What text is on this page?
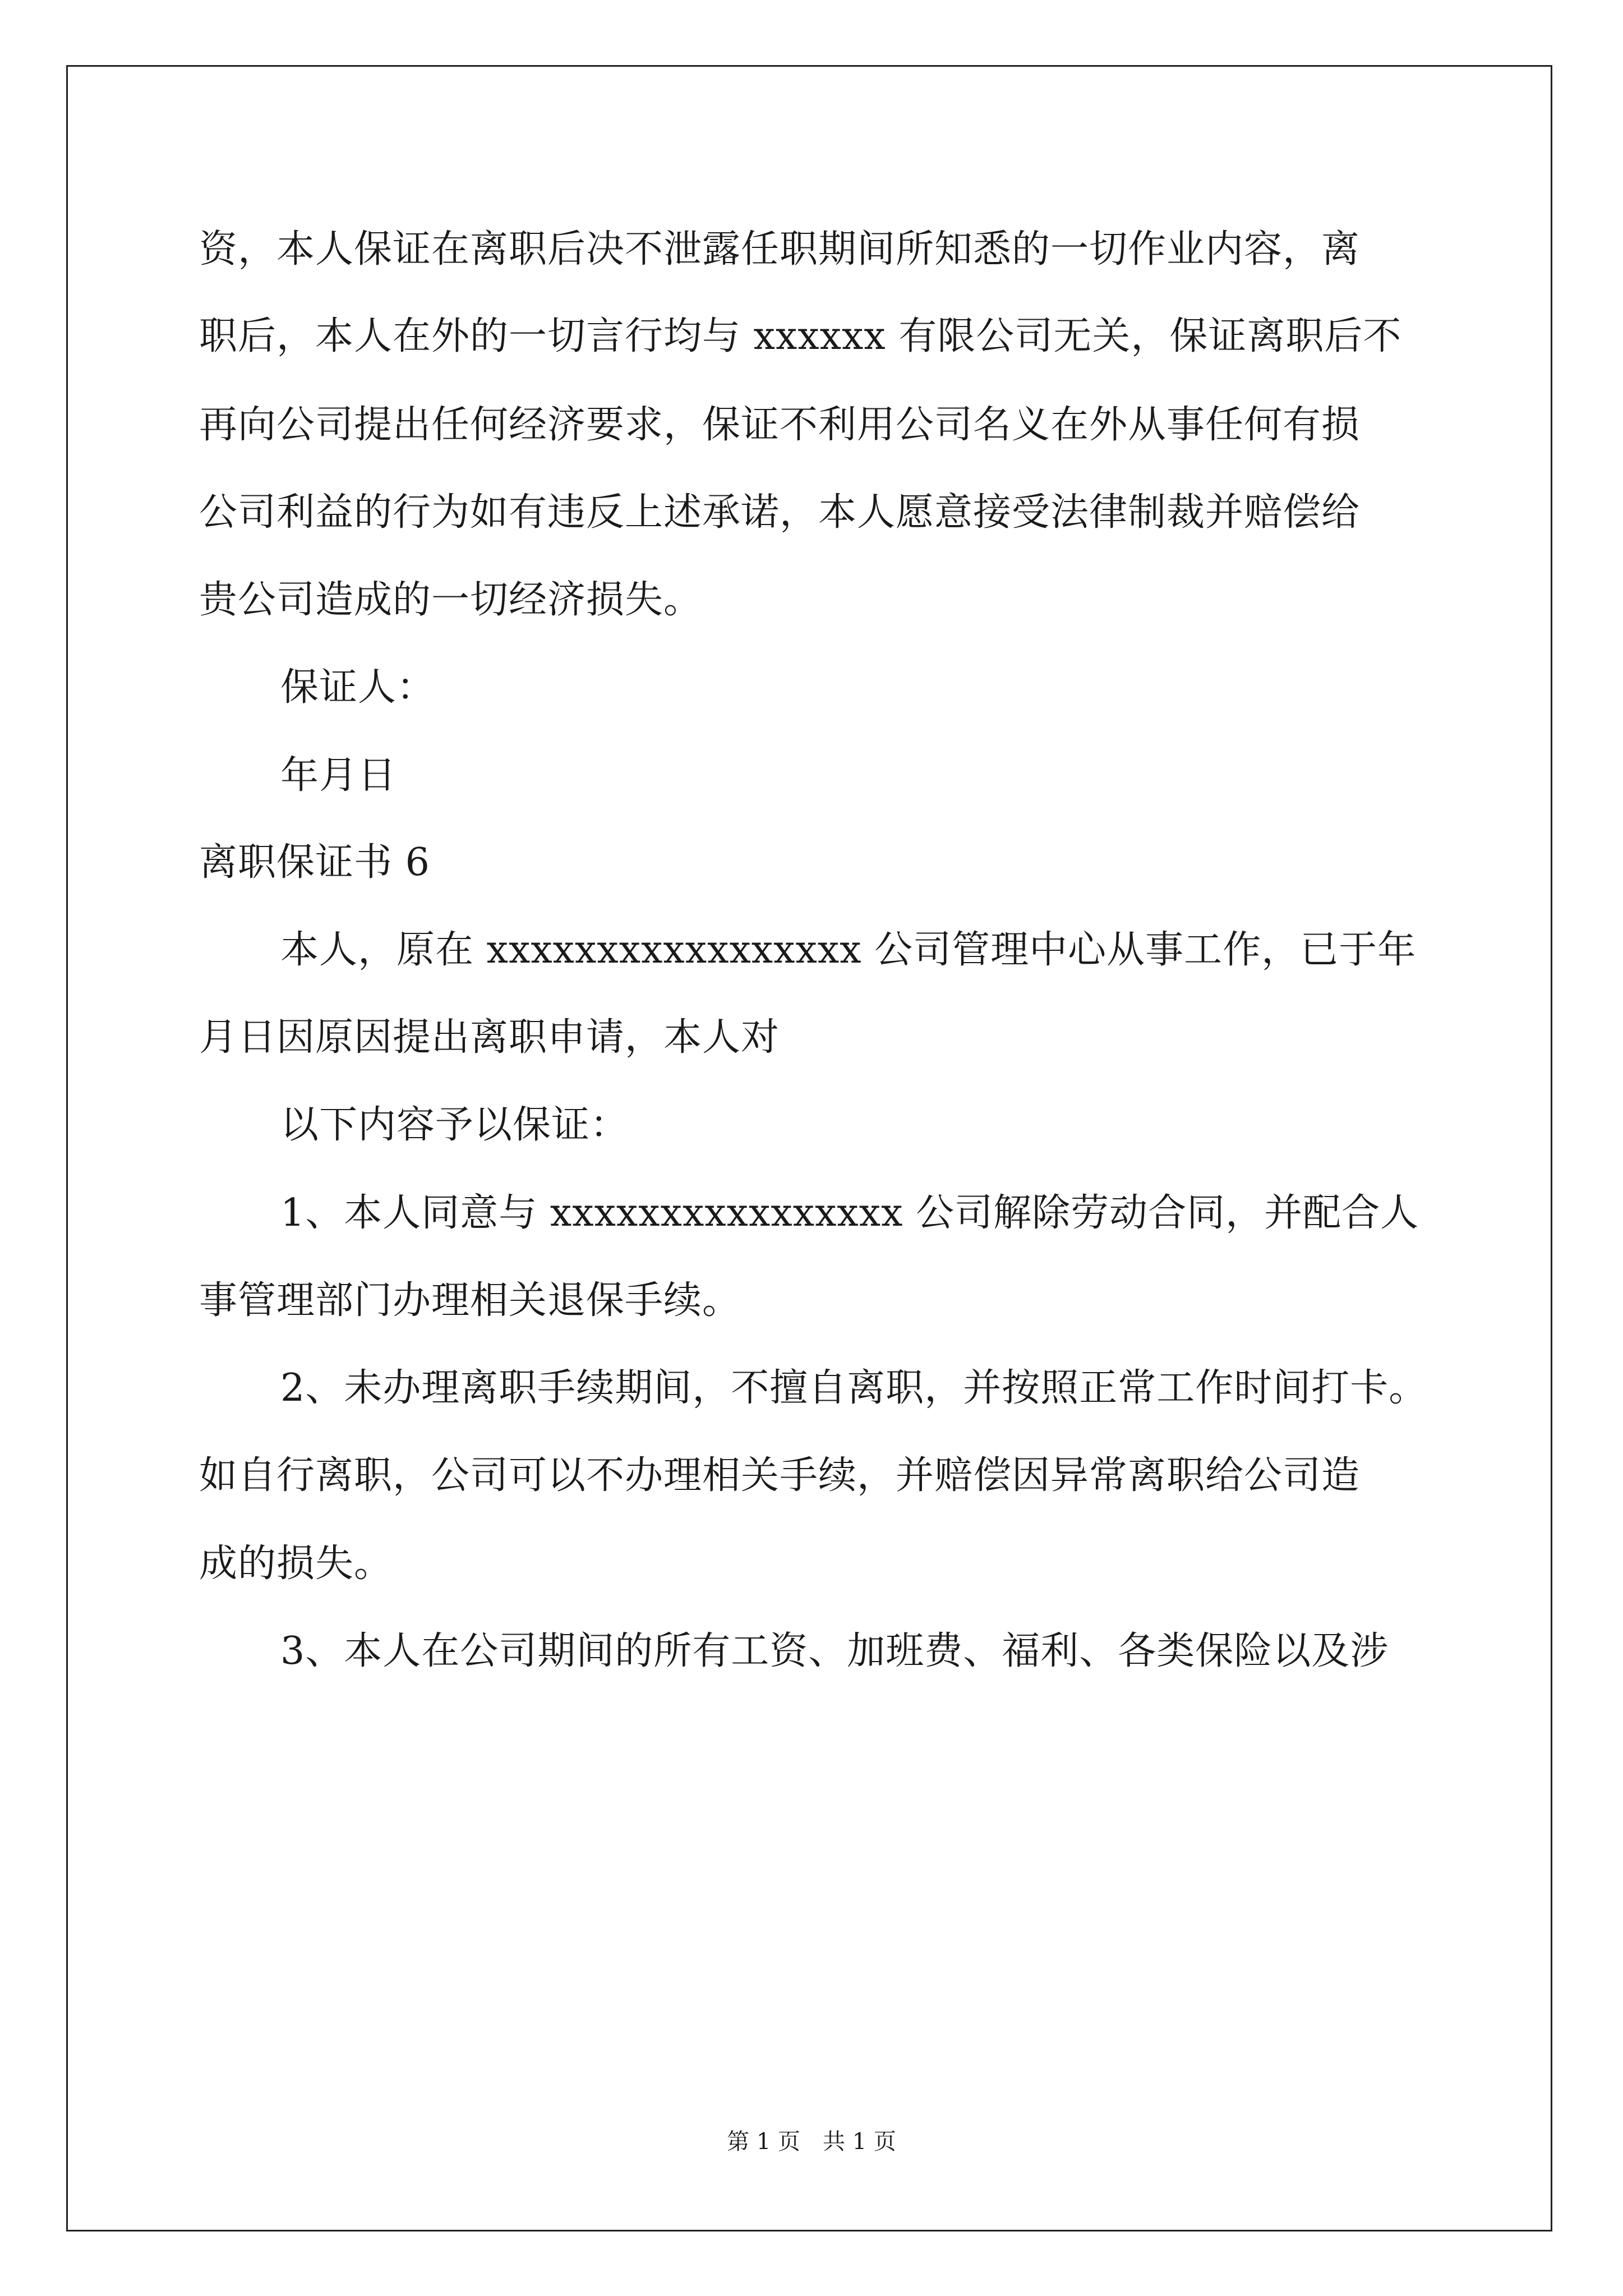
资，本人保证在离职后决不泄露任职期间所知悉的一切作业内容，离
职后，本人在外的一切言行均与 xxxxxx 有限公司无关，保证离职后不
再向公司提出任何经济要求，保证不利用公司名义在外从事任何有损
公司利益的行为如有违反上述承诺，本人愿意接受法律制裁并赔偿给
贵公司造成的一切经济损失。
保证人：
年月日
离职保证书 6
本人，原在 xxxxxxxxxxxxxxxxx 公司管理中心从事工作，已于年
月日因原因提出离职申请，本人对
以下内容予以保证：
1、本人同意与 xxxxxxxxxxxxxxxx 公司解除劳动合同，并配合人
事管理部门办理相关退保手续。
2、未办理离职手续期间，不擅自离职，并按照正常工作时间打卡。
如自行离职，公司可以不办理相关手续，并赔偿因异常离职给公司造
成的损失。
3、本人在公司期间的所有工资、加班费、福利、各类保险以及涉
第 1 页　共 1 页
